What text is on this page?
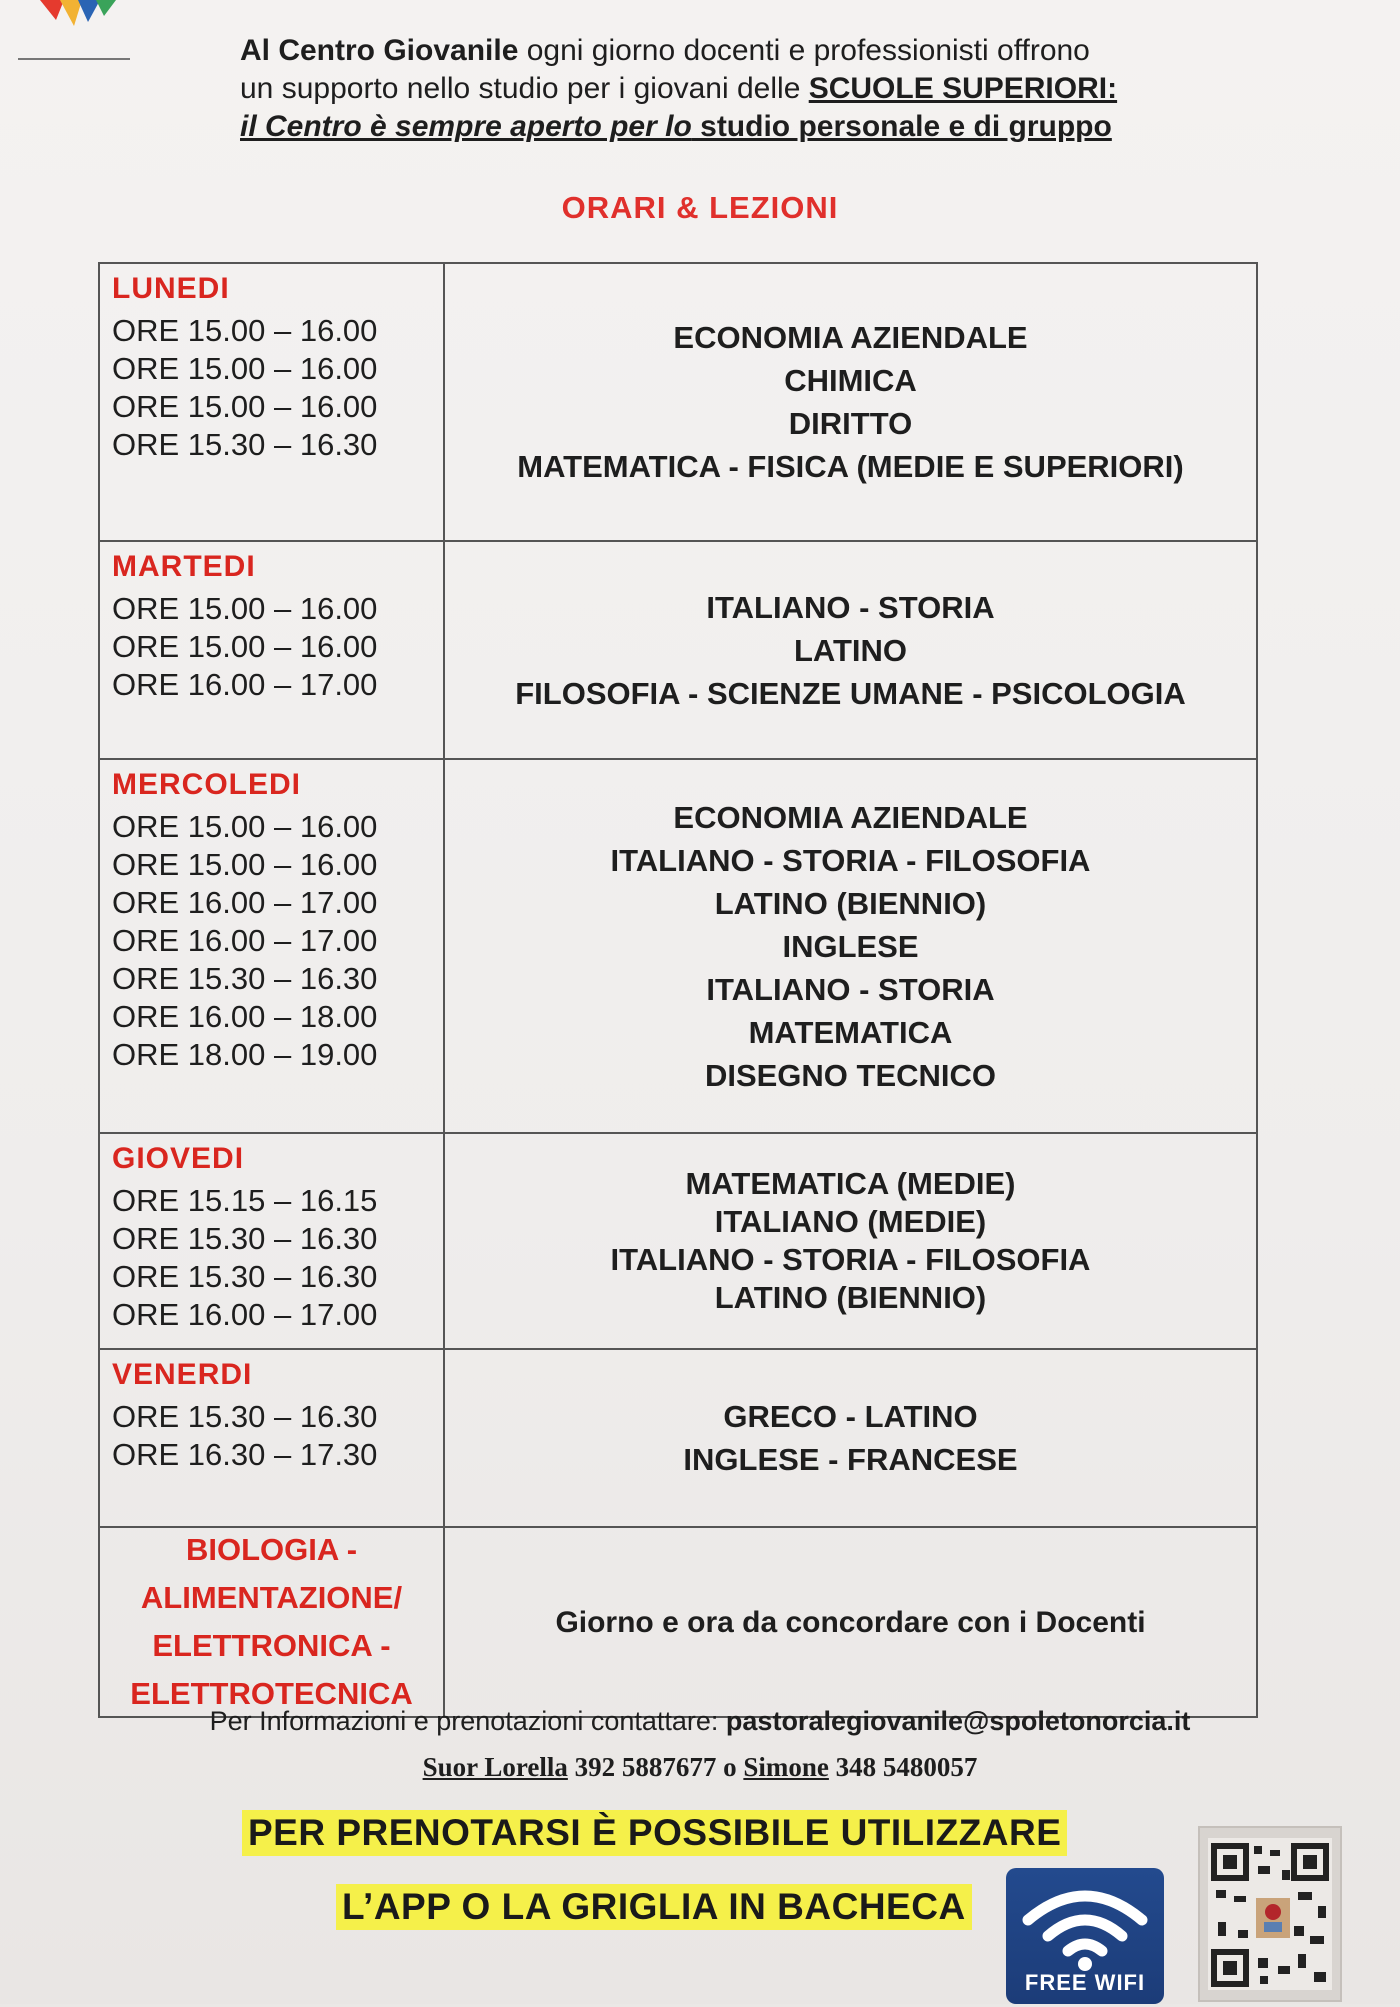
Al Centro Giovanile ogni giorno docenti e professionisti offrono
un supporto nello studio per i giovani delle SCUOLE SUPERIORI:
il Centro è sempre aperto per lo studio personale e di gruppo
ORARI & LEZIONI
LUNEDI
ORE 15.00 – 16.00
ORE 15.00 – 16.00
ORE 15.00 – 16.00
ORE 15.30 – 16.30
ECONOMIA AZIENDALE
CHIMICA
DIRITTO
MATEMATICA - FISICA (MEDIE E SUPERIORI)
MARTEDI
ORE 15.00 – 16.00
ORE 15.00 – 16.00
ORE 16.00 – 17.00
ITALIANO - STORIA
LATINO
FILOSOFIA - SCIENZE UMANE - PSICOLOGIA
MERCOLEDI
ORE 15.00 – 16.00
ORE 15.00 – 16.00
ORE 16.00 – 17.00
ORE 16.00 – 17.00
ORE 15.30 – 16.30
ORE 16.00 – 18.00
ORE 18.00 – 19.00
ECONOMIA AZIENDALE
ITALIANO - STORIA - FILOSOFIA
LATINO (BIENNIO)
INGLESE
ITALIANO - STORIA
MATEMATICA
DISEGNO TECNICO
GIOVEDI
ORE 15.15 – 16.15
ORE 15.30 – 16.30
ORE 15.30 – 16.30
ORE 16.00 – 17.00
MATEMATICA (MEDIE)
ITALIANO (MEDIE)
ITALIANO - STORIA - FILOSOFIA
LATINO (BIENNIO)
VENERDI
ORE 15.30 – 16.30
ORE 16.30 – 17.30
GRECO - LATINO
INGLESE - FRANCESE
BIOLOGIA -
ALIMENTAZIONE/
ELETTRONICA -
ELETTROTECNICA
Giorno e ora da concordare con i Docenti
Per Informazioni e prenotazioni contattare: pastoralegiovanile@spoletonorcia.it
Suor Lorella 392 5887677 o Simone 348 5480057
PER PRENOTARSI È POSSIBILE UTILIZZARE
L’APP O LA GRIGLIA IN BACHECA
FREE WIFI
